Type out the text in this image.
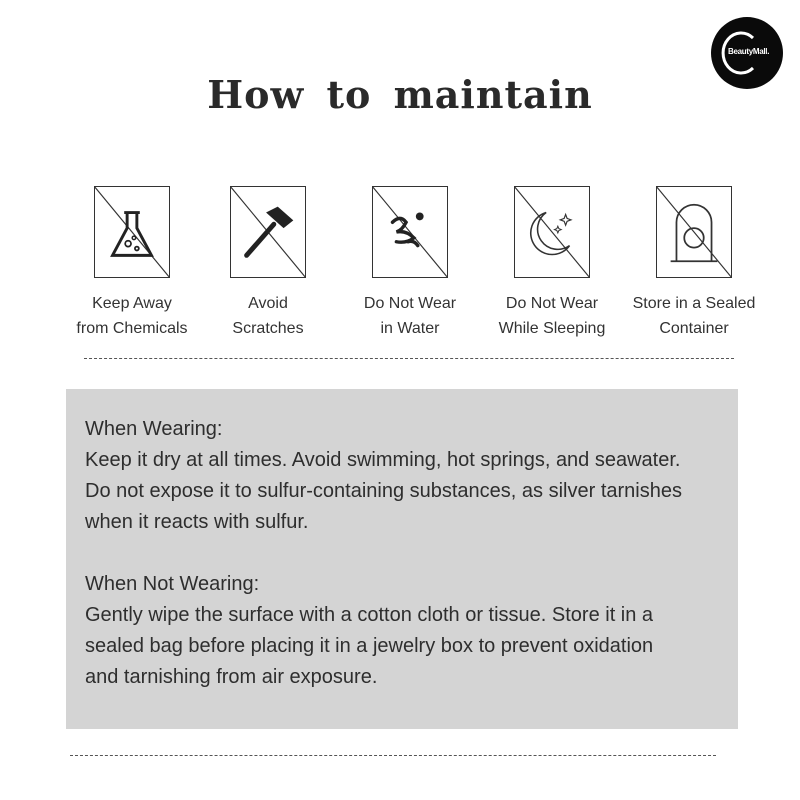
BeautyMall.
How to maintain
Keep Away
from Chemicals
Avoid
Scratches
Do Not Wear
in Water
Do Not Wear
While Sleeping
Store in a Sealed
Container
When Wearing:
Keep it dry at all times. Avoid swimming, hot springs, and seawater.
Do not expose it to sulfur-containing substances, as silver tarnishes
when it reacts with sulfur.
When Not Wearing:
Gently wipe the surface with a cotton cloth or tissue. Store it in a
sealed bag before placing it in a jewelry box to prevent oxidation
and tarnishing from air exposure.
